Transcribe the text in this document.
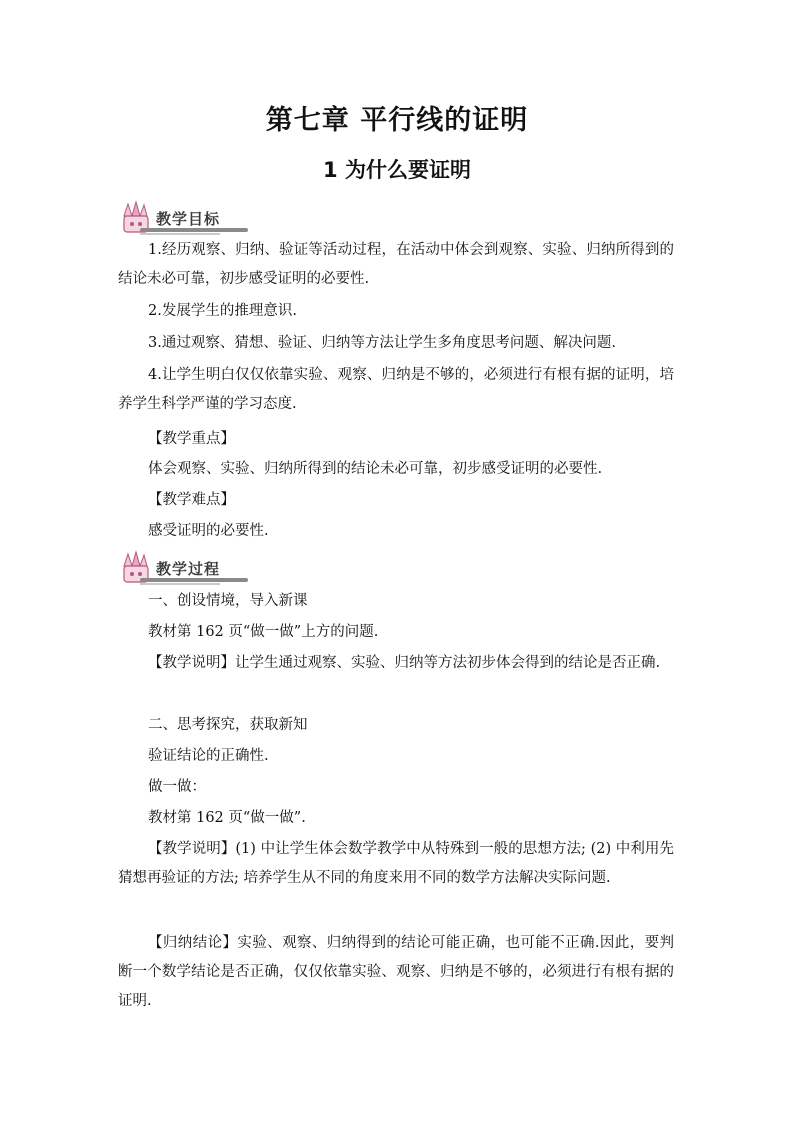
第七章 平行线的证明
1 为什么要证明
教学目标

1.经历观察、归纳、验证等活动过程，在活动中体会到观察、实验、归纳所得到的结论未必可靠，初步感受证明的必要性.

2.发展学生的推理意识.

3.通过观察、猜想、验证、归纳等方法让学生多角度思考问题、解决问题.

4.让学生明白仅仅依靠实验、观察、归纳是不够的，必须进行有根有据的证明，培养学生科学严谨的学习态度.

【教学重点】

体会观察、实验、归纳所得到的结论未必可靠，初步感受证明的必要性.

【教学难点】

感受证明的必要性.

教学过程

一、创设情境，导入新课

教材第 162 页“做一做”上方的问题.

【教学说明】让学生通过观察、实验、归纳等方法初步体会得到的结论是否正确.

二、思考探究，获取新知

验证结论的正确性.

做一做：

教材第 162 页“做一做”.

【教学说明】(1) 中让学生体会数学教学中从特殊到一般的思想方法; (2) 中利用先猜想再验证的方法; 培养学生从不同的角度来用不同的数学方法解决实际问题.

【归纳结论】实验、观察、归纳得到的结论可能正确，也可能不正确.因此，要判断一个数学结论是否正确，仅仅依靠实验、观察、归纳是不够的，必须进行有根有据的证明.
